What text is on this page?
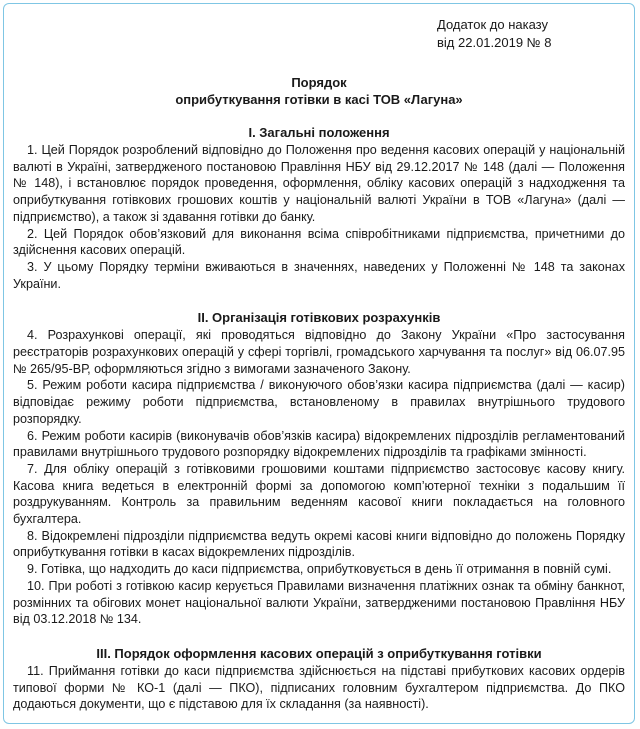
Додаток до наказу
від 22.01.2019 № 8
Порядок
оприбуткування готівки в касі ТОВ «Лагуна»
I. Загальні положення

1. Цей Порядок розроблений відповідно до Положення про ведення касових операцій у національній валюті в Україні, затвердженого постановою Правління НБУ від 29.12.2017 № 148 (далі — Положення № 148), і встановлює порядок проведення, оформлення, обліку касових операцій з надходження та оприбуткування готівкових грошових коштів у національній валюті України в ТОВ «Лагуна» (далі — підприємство), а також зі здавання готівки до банку.

2. Цей Порядок обов’язковий для виконання всіма співробітниками підприємства, причетними до здійснення касових операцій.

3. У цьому Порядку терміни вживаються в значеннях, наведених у Положенні № 148 та законах України.

II. Організація готівкових розрахунків

4. Розрахункові операції, які проводяться відповідно до Закону України «Про застосування реєстраторів розрахункових операцій у сфері торгівлі, громадського харчування та послуг» від 06.07.95 № 265/95-ВР, оформляються згідно з вимогами зазначеного Закону.

5. Режим роботи касира підприємства / виконуючого обов’язки касира підприємства (далі — касир) відповідає режиму роботи підприємства, встановленому в правилах внутрішнього трудового розпорядку.

6. Режим роботи касирів (виконувачів обов’язків касира) відокремлених підрозділів регламентований правилами внутрішнього трудового розпорядку відокремлених підрозділів та графіками змінності.

7. Для обліку операцій з готівковими грошовими коштами підприємство застосовує касову книгу. Касова книга ведеться в електронній формі за допомогою комп’ютерної техніки з подальшим її роздрукуванням. Контроль за правильним веденням касової книги покладається на головного бухгалтера.

8. Відокремлені підрозділи підприємства ведуть окремі касові книги відповідно до положень Порядку оприбуткування готівки в касах відокремлених підрозділів.

9. Готівка, що надходить до каси підприємства, оприбутковується в день її отримання в повній сумі.

10. При роботі з готівкою касир керується Правилами визначення платіжних ознак та обміну банкнот, розмінних та обігових монет національної валюти України, затвердженими постановою Правління НБУ від 03.12.2018 № 134.

III. Порядок оформлення касових операцій з оприбуткування готівки

11. Приймання готівки до каси підприємства здійснюється на підставі прибуткових касових ордерів типової форми № КО-1 (далі — ПКО), підписаних головним бухгалтером підприємства. До ПКО додаються документи, що є підставою для їх складання (за наявності).
